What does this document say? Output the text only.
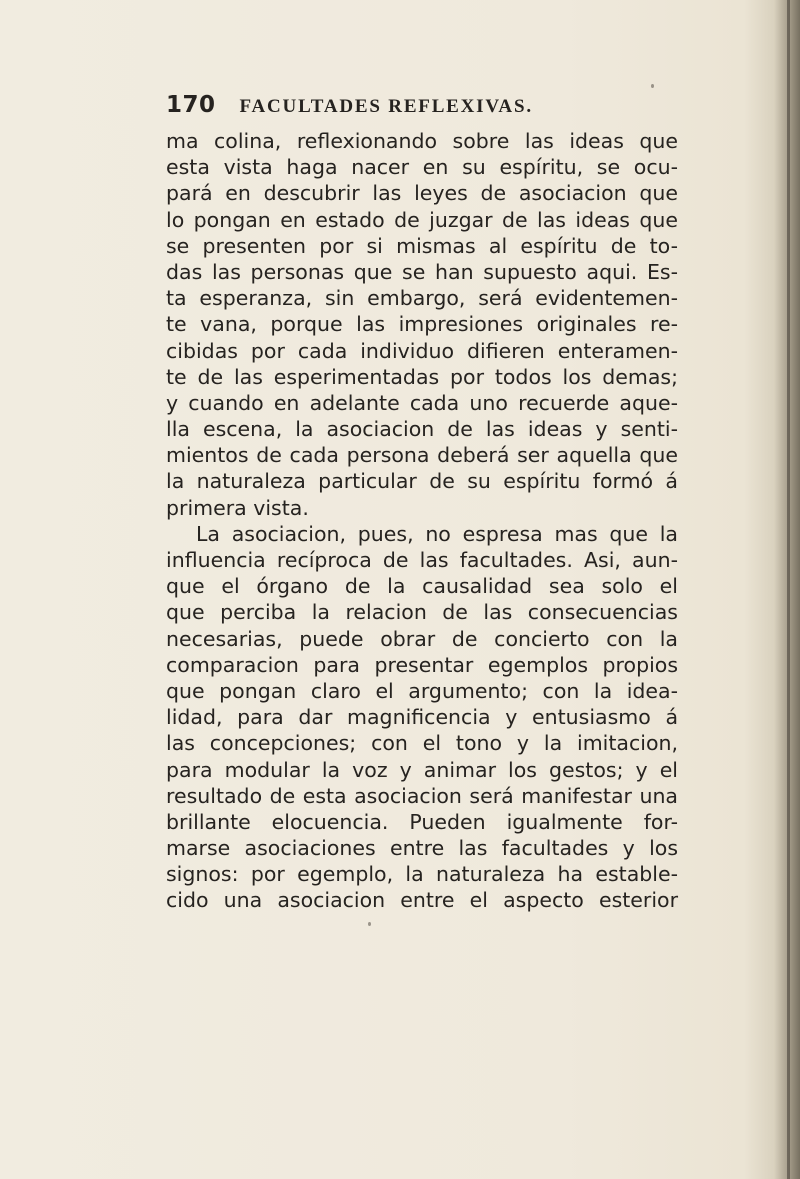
170 FACULTADES REFLEXIVAS.
ma colina, reflexionando sobre las ideas que
esta vista haga nacer en su espíritu, se ocu-
pará en descubrir las leyes de asociacion que
lo pongan en estado de juzgar de las ideas que
se presenten por si mismas al espíritu de to-
das las personas que se han supuesto aqui. Es-
ta esperanza, sin embargo, será evidentemen-
te vana, porque las impresiones originales re-
cibidas por cada individuo difieren enteramen-
te de las esperimentadas por todos los demas;
y cuando en adelante cada uno recuerde aque-
lla escena, la asociacion de las ideas y senti-
mientos de cada persona deberá ser aquella que
la naturaleza particular de su espíritu formó á
primera vista.
La asociacion, pues, no espresa mas que la
influencia recíproca de las facultades. Asi, aun-
que el órgano de la causalidad sea solo el
que perciba la relacion de las consecuencias
necesarias, puede obrar de concierto con la
comparacion para presentar egemplos propios
que pongan claro el argumento; con la idea-
lidad, para dar magnificencia y entusiasmo á
las concepciones; con el tono y la imitacion,
para modular la voz y animar los gestos; y el
resultado de esta asociacion será manifestar una
brillante elocuencia. Pueden igualmente for-
marse asociaciones entre las facultades y los
signos: por egemplo, la naturaleza ha estable-
cido una asociacion entre el aspecto esterior
